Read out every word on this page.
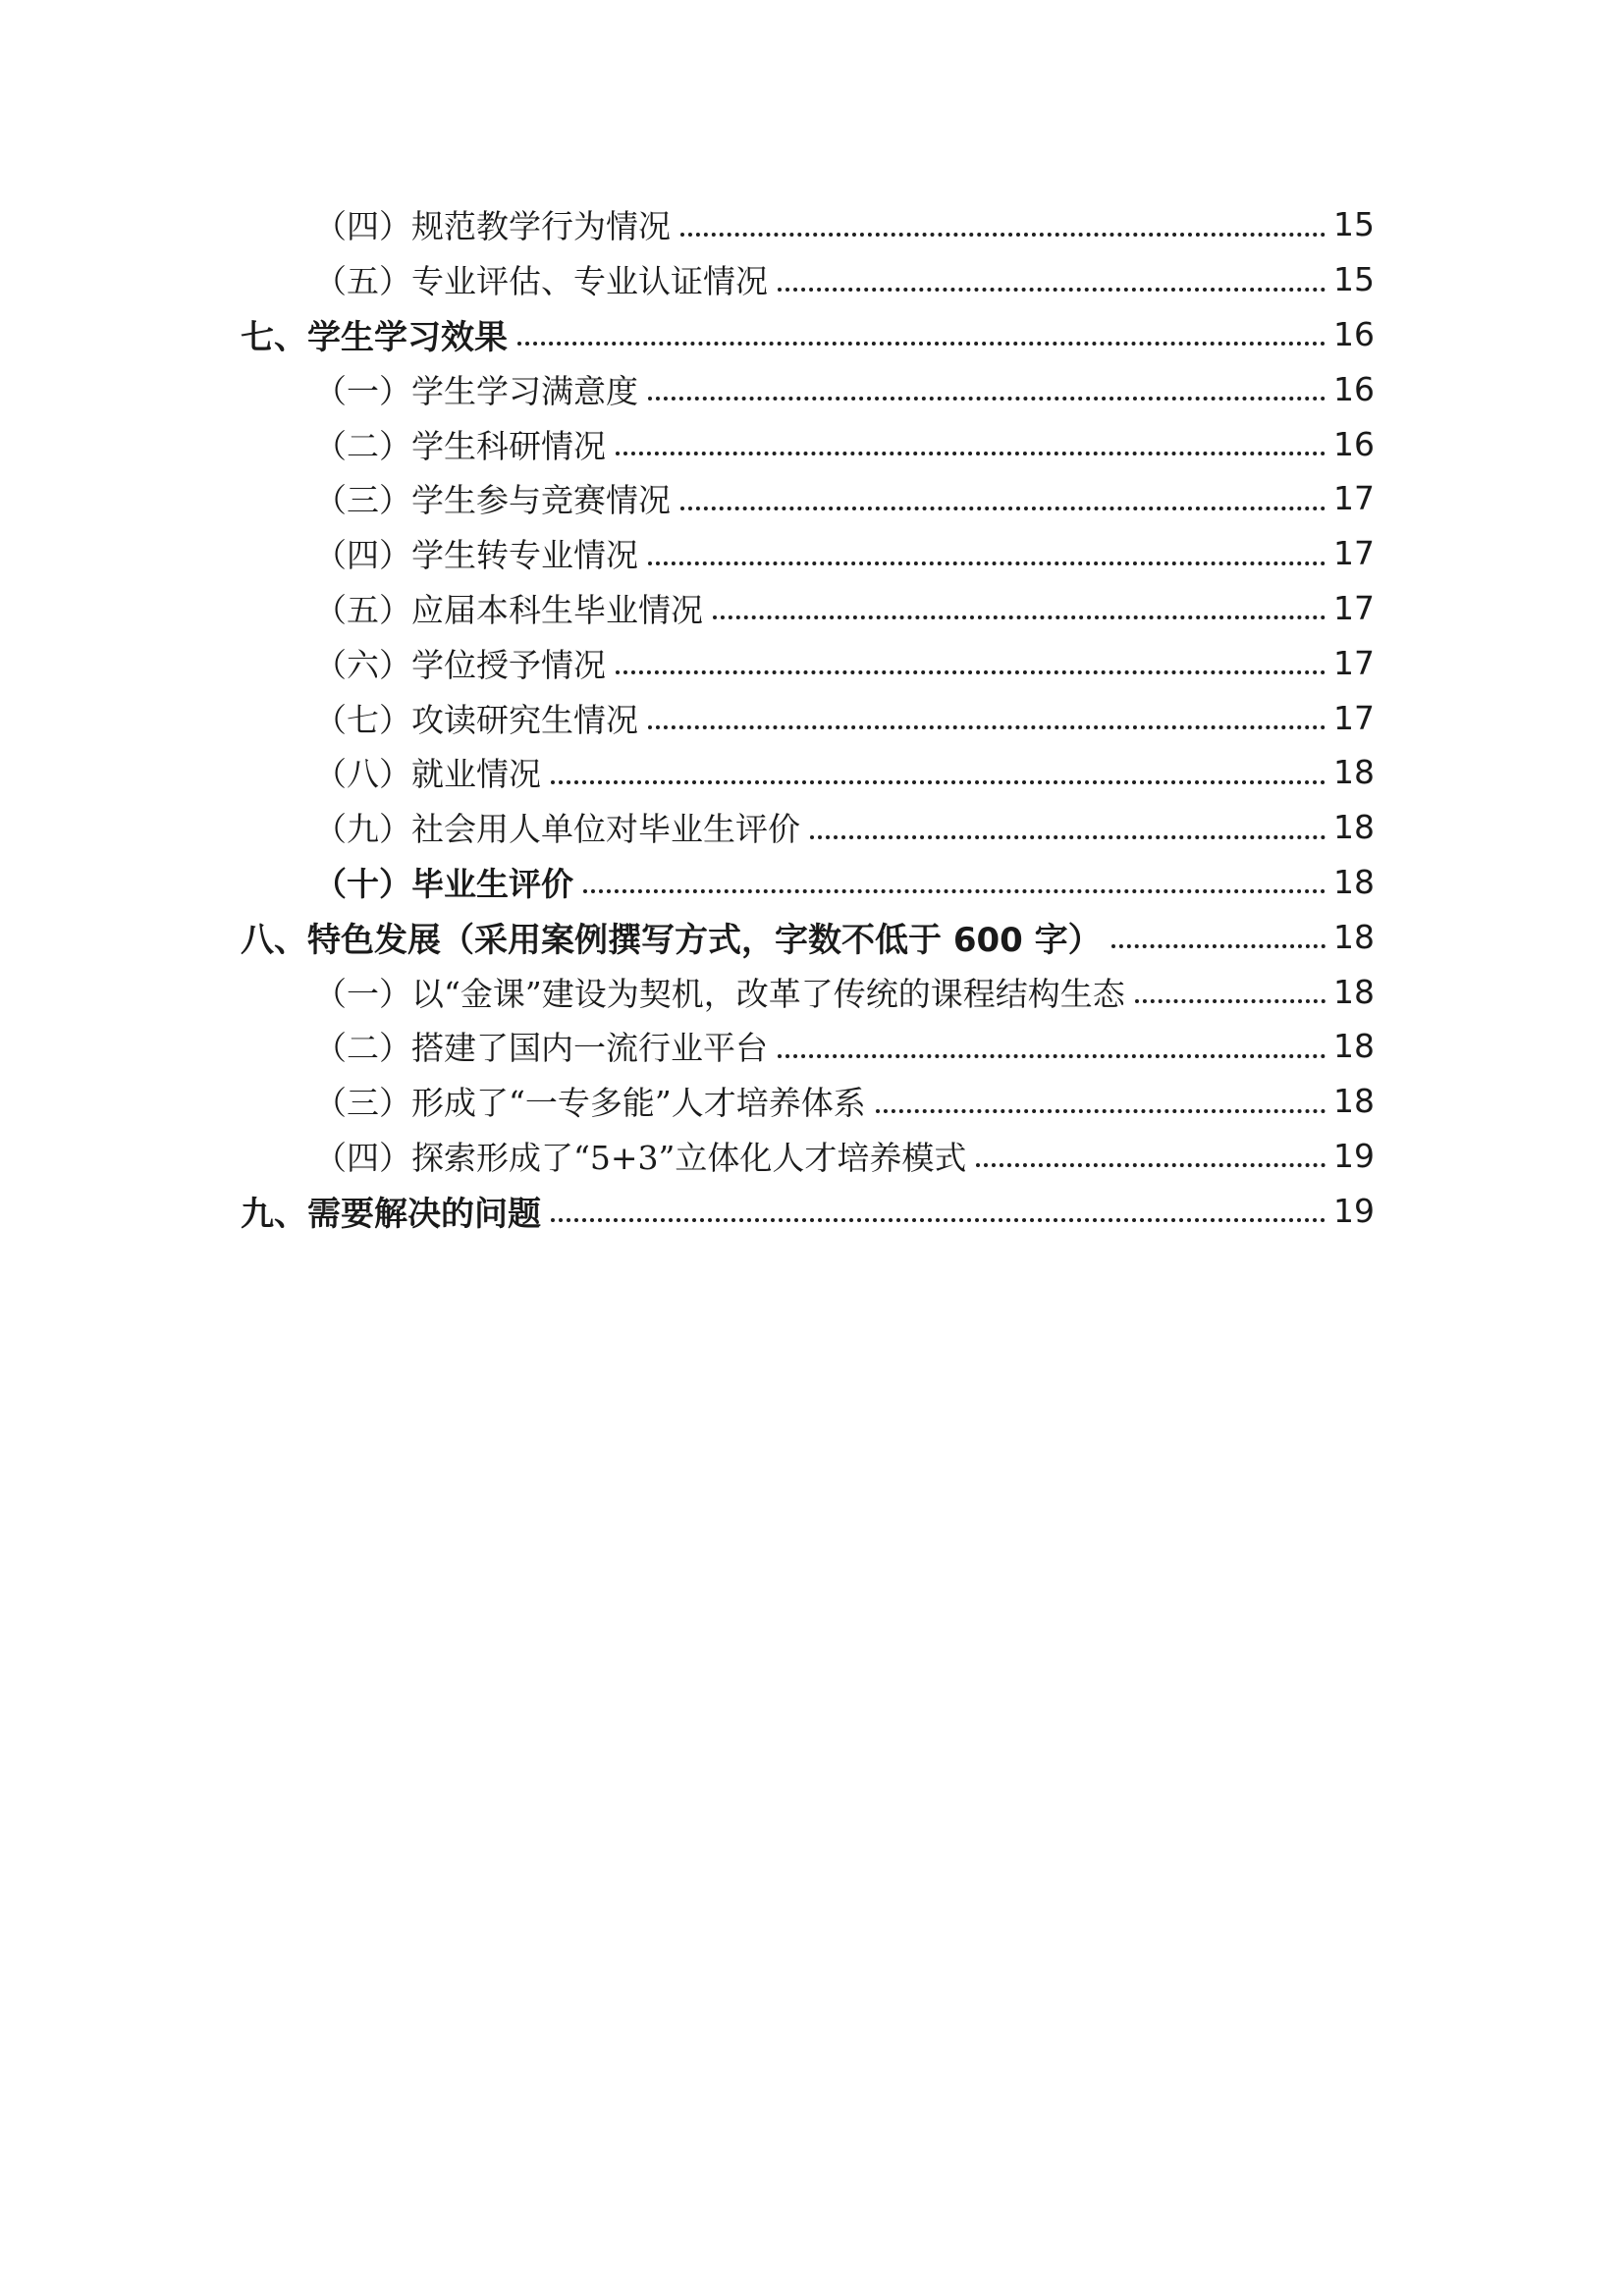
（四）规范教学行为情况	15
（五）专业评估、专业认证情况	15
七、学生学习效果	16
（一）学生学习满意度	16
（二）学生科研情况	16
（三）学生参与竞赛情况	17
（四）学生转专业情况	17
（五）应届本科生毕业情况	17
（六）学位授予情况	17
（七）攻读研究生情况	17
（八）就业情况	18
（九）社会用人单位对毕业生评价	18
（十）毕业生评价	18
八、特色发展（采用案例撰写方式，字数不低于 600 字）	18
（一）以“金课”建设为契机，改革了传统的课程结构生态	18
（二）搭建了国内一流行业平台	18
（三）形成了“一专多能”人才培养体系	18
（四）探索形成了“5+3”立体化人才培养模式	19
九、需要解决的问题	19
